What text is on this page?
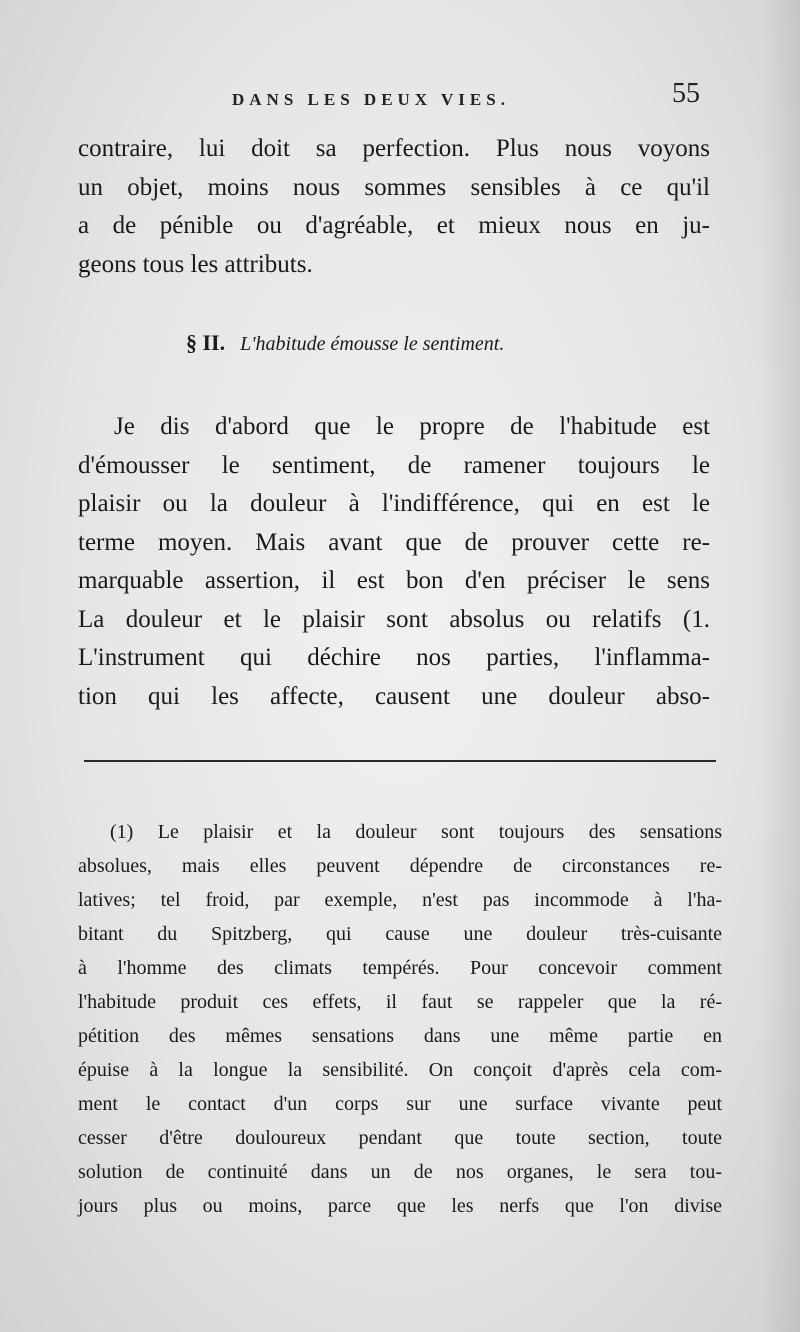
DANS LES DEUX VIES.	55
contraire, lui doit sa perfection. Plus nous voyons
un objet, moins nous sommes sensibles à ce qu'il
a de pénible ou d'agréable, et mieux nous en ju-
geons tous les attributs.
§ II. L'habitude émousse le sentiment.
Je dis d'abord que le propre de l'habitude est
d'émousser le sentiment, de ramener toujours le
plaisir ou la douleur à l'indifférence, qui en est le
terme moyen. Mais avant que de prouver cette re-
marquable assertion, il est bon d'en préciser le sens
La douleur et le plaisir sont absolus ou relatifs (1.
L'instrument qui déchire nos parties, l'inflamma-
tion qui les affecte, causent une douleur abso-
(1) Le plaisir et la douleur sont toujours des sensations
absolues, mais elles peuvent dépendre de circonstances re-
latives; tel froid, par exemple, n'est pas incommode à l'ha-
bitant du Spitzberg, qui cause une douleur très-cuisante
à l'homme des climats tempérés. Pour concevoir comment
l'habitude produit ces effets, il faut se rappeler que la ré-
pétition des mêmes sensations dans une même partie en
épuise à la longue la sensibilité. On conçoit d'après cela com-
ment le contact d'un corps sur une surface vivante peut
cesser d'être douloureux pendant que toute section, toute
solution de continuité dans un de nos organes, le sera tou-
jours plus ou moins, parce que les nerfs que l'on divise
